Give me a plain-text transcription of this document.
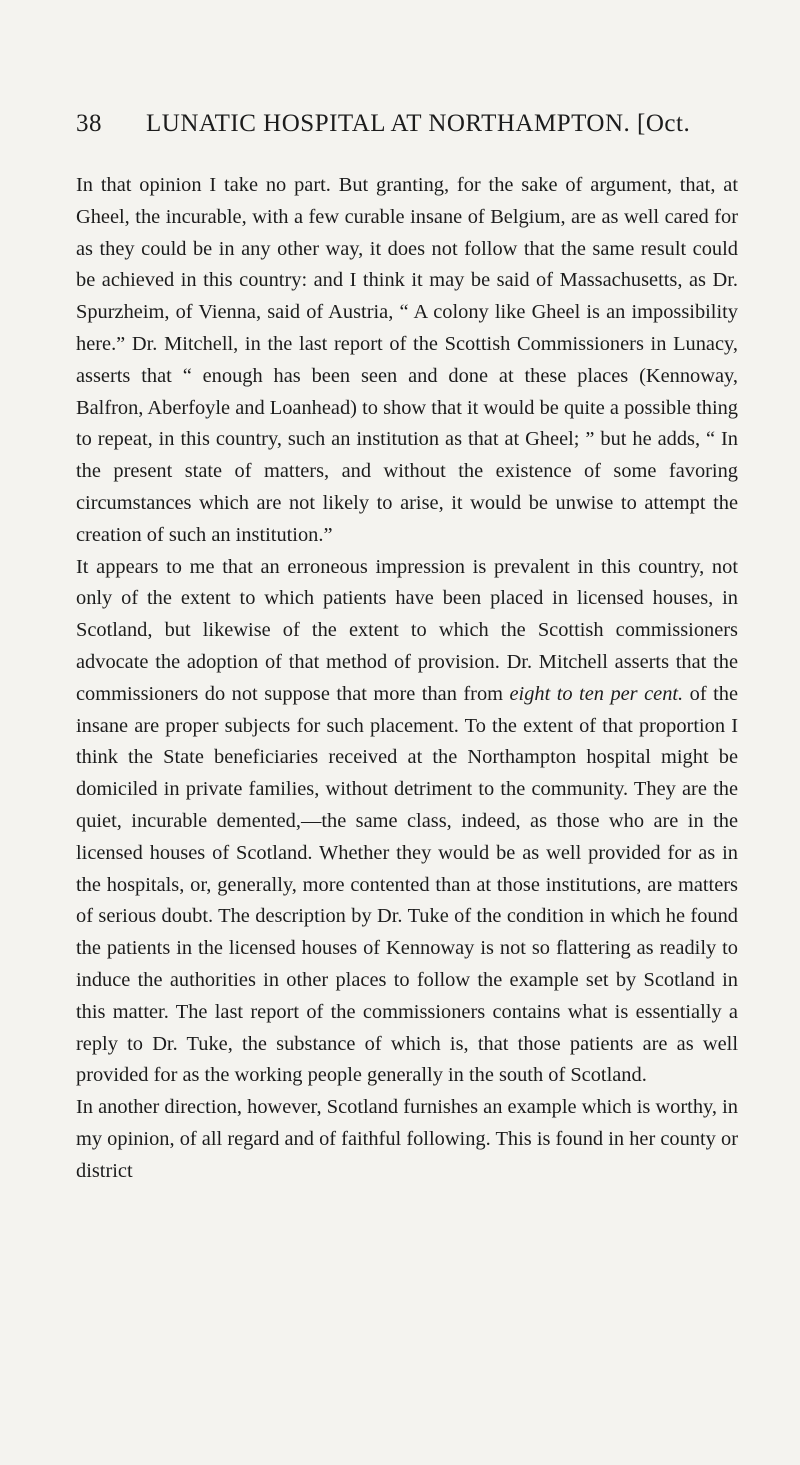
38 LUNATIC HOSPITAL AT NORTHAMPTON. [Oct.

In that opinion I take no part. But granting, for the sake of argument, that, at Gheel, the incurable, with a few curable insane of Belgium, are as well cared for as they could be in any other way, it does not follow that the same result could be achieved in this country: and I think it may be said of Massachusetts, as Dr. Spurzheim, of Vienna, said of Austria, “ A colony like Gheel is an impossibility here.” Dr. Mitchell, in the last report of the Scottish Commissioners in Lunacy, asserts that “ enough has been seen and done at these places (Kennoway, Balfron, Aberfoyle and Loanhead) to show that it would be quite a possible thing to repeat, in this country, such an institution as that at Gheel; ” but he adds, “ In the present state of matters, and without the existence of some favoring circumstances which are not likely to arise, it would be unwise to attempt the creation of such an institution.”

It appears to me that an erroneous impression is prevalent in this country, not only of the extent to which patients have been placed in licensed houses, in Scotland, but likewise of the extent to which the Scottish commissioners advocate the adoption of that method of provision. Dr. Mitchell asserts that the commissioners do not suppose that more than from eight to ten per cent. of the insane are proper subjects for such placement. To the extent of that proportion I think the State beneficiaries received at the Northampton hospital might be domiciled in private families, without detriment to the community. They are the quiet, incurable demented,—the same class, indeed, as those who are in the licensed houses of Scotland. Whether they would be as well provided for as in the hospitals, or, generally, more contented than at those institutions, are matters of serious doubt. The description by Dr. Tuke of the condition in which he found the patients in the licensed houses of Kennoway is not so flattering as readily to induce the authorities in other places to follow the example set by Scotland in this matter. The last report of the commissioners contains what is essentially a reply to Dr. Tuke, the substance of which is, that those patients are as well provided for as the working people generally in the south of Scotland.

In another direction, however, Scotland furnishes an example which is worthy, in my opinion, of all regard and of faithful following. This is found in her county or district
